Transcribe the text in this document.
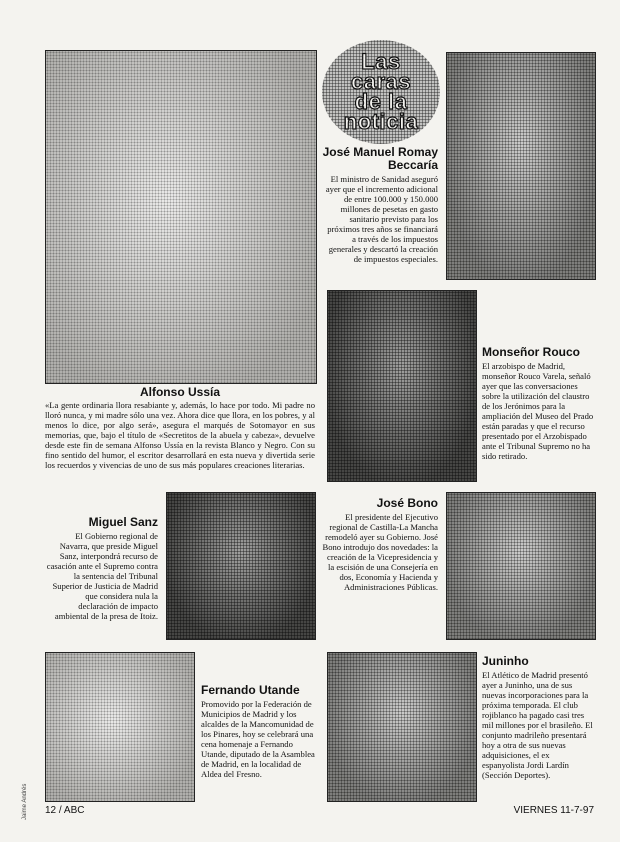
Las
caras
de la
noticia
Alfonso Ussía

«La gente ordinaria llora resabiante y, además, lo hace por todo. Mi padre no lloró nunca, y mi madre sólo una vez. Ahora dice que llora, en los pobres, y al menos lo dice, por algo será», asegura el marqués de Sotomayor en sus memorias, que, bajo el título de «Secretitos de la abuela y cabeza», devuelve desde este fin de semana Alfonso Ussía en la revista Blanco y Negro. Con su fino sentido del humor, el escritor desarrollará en esta nueva y divertida serie los recuerdos y vivencias de uno de sus más populares creaciones literarias.

José Manuel Romay Beccaría

El ministro de Sanidad aseguró ayer que el incremento adicional de entre 100.000 y 150.000 millones de pesetas en gasto sanitario previsto para los próximos tres años se financiará a través de los impuestos generales y descartó la creación de impuestos especiales.

Monseñor Rouco

El arzobispo de Madrid, monseñor Rouco Varela, señaló ayer que las conversaciones sobre la utilización del claustro de los Jerónimos para la ampliación del Museo del Prado están paradas y que el recurso presentado por el Arzobispado ante el Tribunal Supremo no ha sido retirado.

Miguel Sanz

El Gobierno regional de Navarra, que preside Miguel Sanz, interpondrá recurso de casación ante el Supremo contra la sentencia del Tribunal Superior de Justicia de Madrid que considera nula la declaración de impacto ambiental de la presa de Itoiz.

José Bono

El presidente del Ejecutivo regional de Castilla-La Mancha remodeló ayer su Gobierno. José Bono introdujo dos novedades: la creación de la Vicepresidencia y la escisión de una Consejería en dos, Economía y Hacienda y Administraciones Públicas.

Fernando Utande

Promovido por la Federación de Municipios de Madrid y los alcaldes de la Mancomunidad de los Pinares, hoy se celebrará una cena homenaje a Fernando Utande, diputado de la Asamblea de Madrid, en la localidad de Aldea del Fresno.

Juninho

El Atlético de Madrid presentó ayer a Juninho, una de sus nuevas incorporaciones para la próxima temporada. El club rojiblanco ha pagado casi tres mil millones por el brasileño. El conjunto madrileño presentará hoy a otra de sus nuevas adquisiciones, el ex espanyolista Jordi Lardín (Sección Deportes).

12 / ABC	VIERNES 11-7-97
Jaime Andrés
